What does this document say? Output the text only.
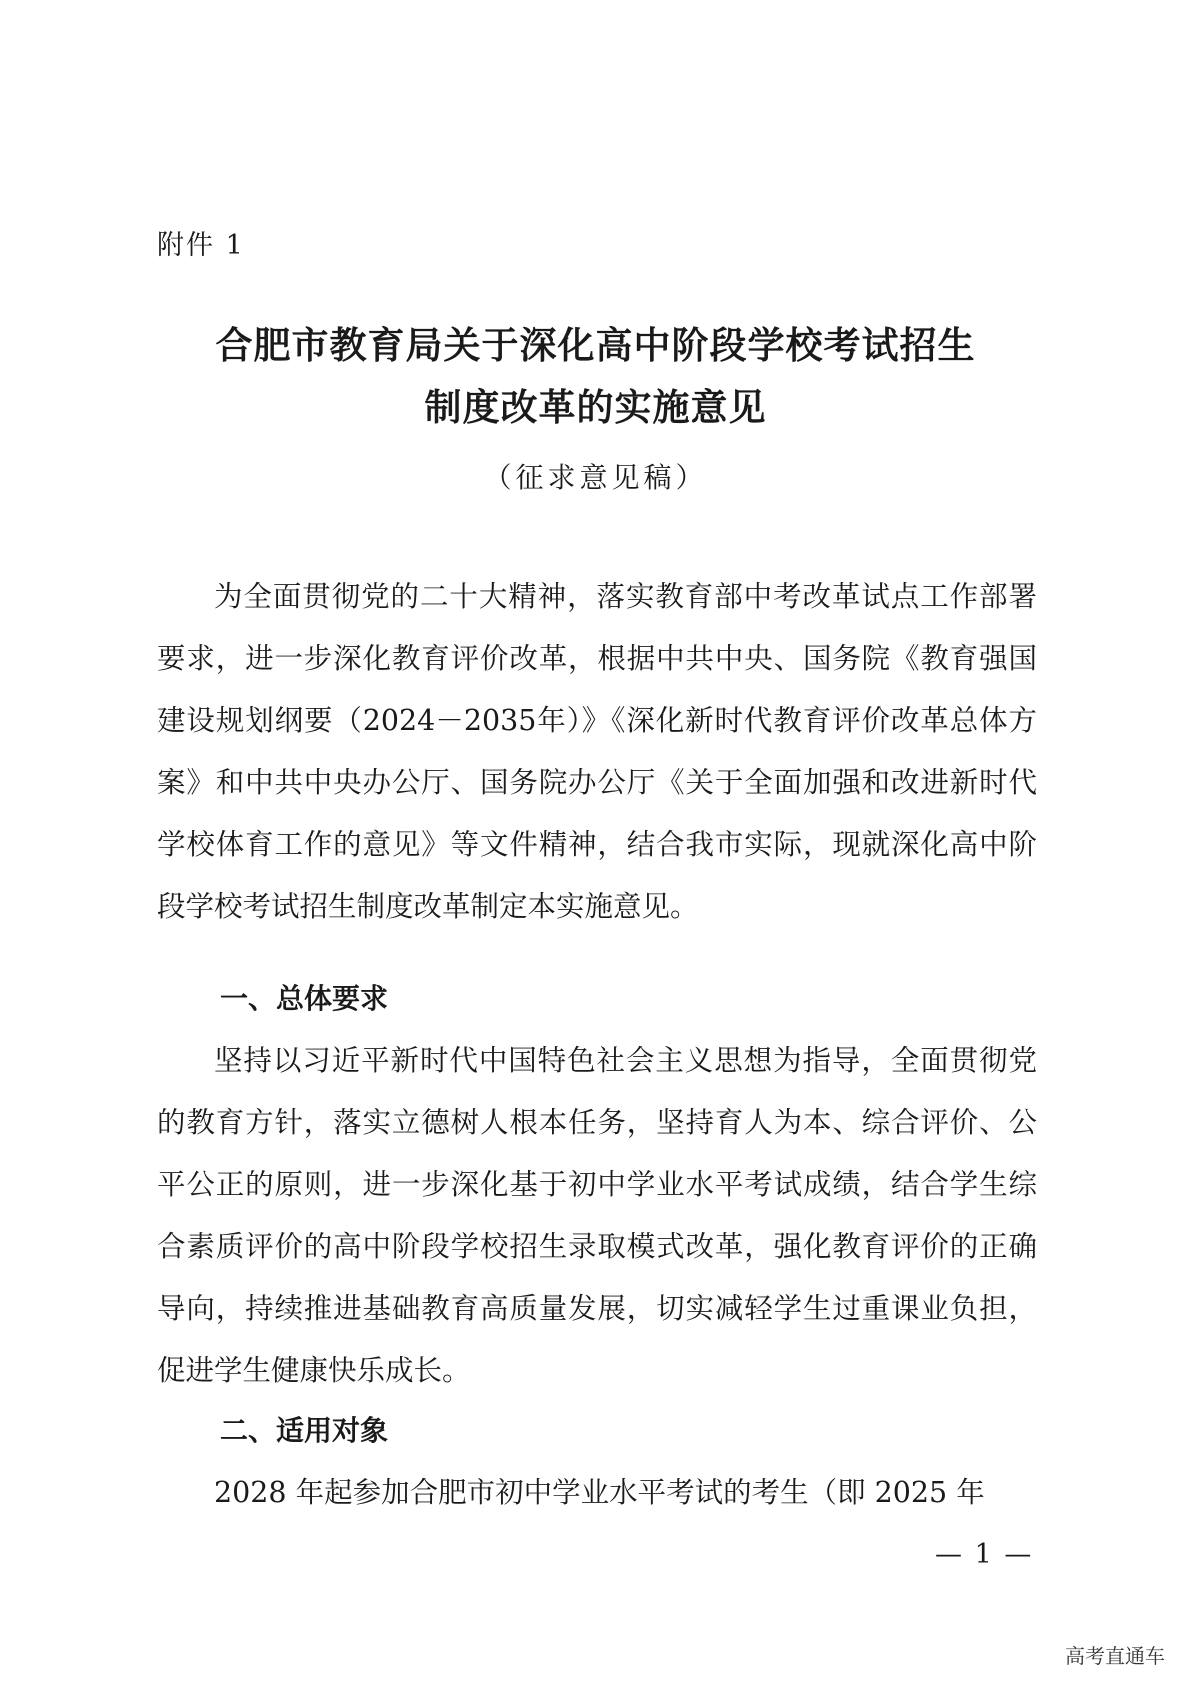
附件 1
合肥市教育局关于深化高中阶段学校考试招生
制度改革的实施意见
（征求意见稿）

为全面贯彻党的二十大精神，落实教育部中考改革试点工作部署要求，进一步深化教育评价改革，根据中共中央、国务院《教育强国建设规划纲要（2024－2035年）》《深化新时代教育评价改革总体方案》和中共中央办公厅、国务院办公厅《关于全面加强和改进新时代学校体育工作的意见》等文件精神，结合我市实际，现就深化高中阶段学校考试招生制度改革制定本实施意见。

一、总体要求

坚持以习近平新时代中国特色社会主义思想为指导，全面贯彻党的教育方针，落实立德树人根本任务，坚持育人为本、综合评价、公平公正的原则，进一步深化基于初中学业水平考试成绩，结合学生综合素质评价的高中阶段学校招生录取模式改革，强化教育评价的正确导向，持续推进基础教育高质量发展，切实减轻学生过重课业负担，促进学生健康快乐成长。

二、适用对象

2028 年起参加合肥市初中学业水平考试的考生（即 2025 年

— 1 —
高考直通车
